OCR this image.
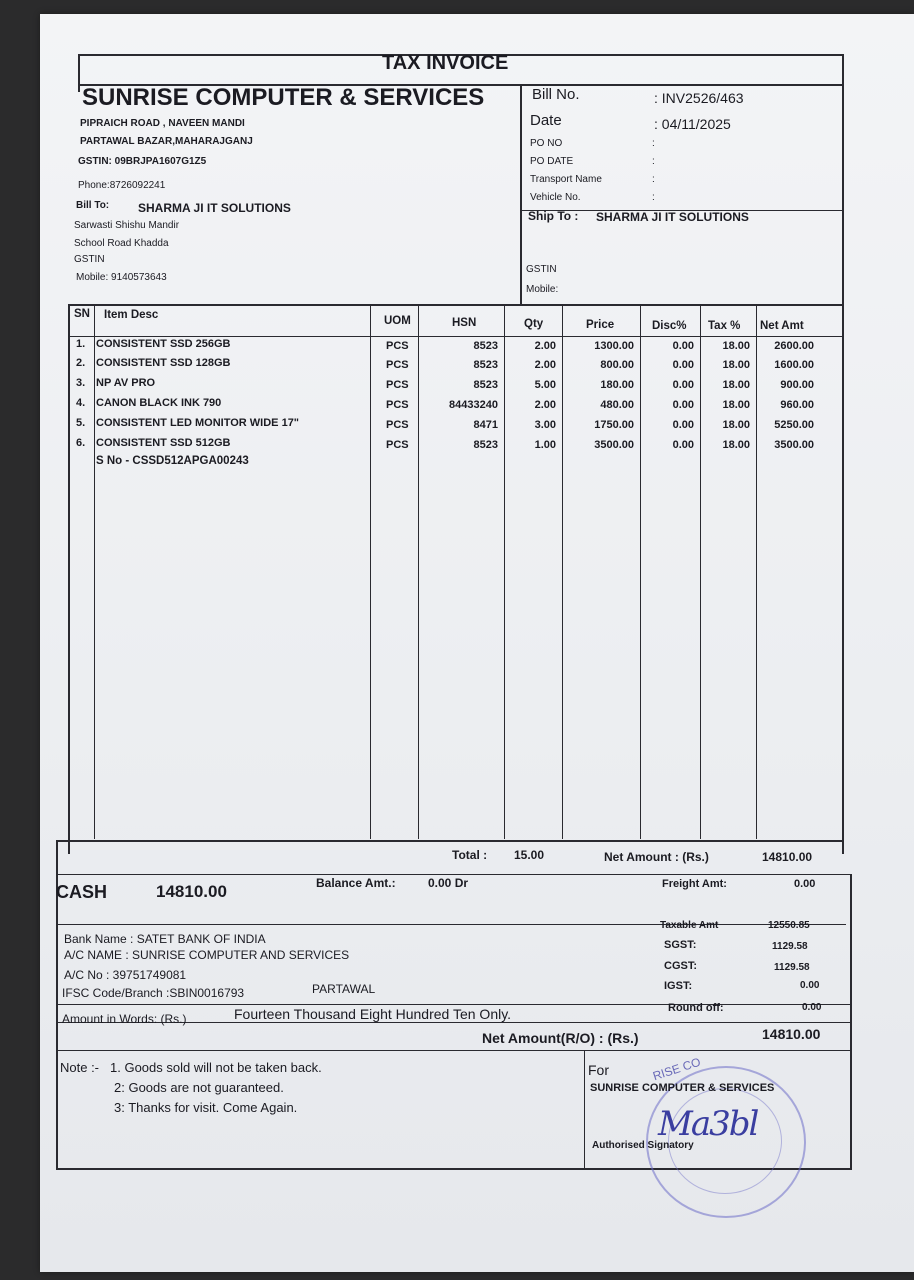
TAX INVOICE
SUNRISE COMPUTER & SERVICES
PIPRAICH ROAD , NAVEEN MANDI
PARTAWAL BAZAR,MAHARAJGANJ
GSTIN: 09BRJPA1607G1Z5
Phone:8726092241
Bill To: SHARMA JI IT SOLUTIONS
Sarwasti Shishu Mandir
School Road Khadda
GSTIN
Mobile: 9140573643
Bill No.	: INV2526/463
Date	: 04/11/2025
PO NO	:
PO DATE	:
Transport Name	:
Vehicle No.	:
Ship To : SHARMA JI IT SOLUTIONS
GSTIN
Mobile:
SN Item Desc	UOM	HSN	Qty	Price	Disc% Tax % Net Amt
1. CONSISTENT SSD 256GB	PCS	8523	2.00	1300.00	0.00	18.00	2600.00
2. CONSISTENT SSD 128GB	PCS	8523	2.00	800.00	0.00	18.00	1600.00
3. NP AV PRO	PCS	8523	5.00	180.00	0.00	18.00	900.00
4. CANON BLACK INK 790	PCS	84433240	2.00	480.00	0.00	18.00	960.00
5. CONSISTENT LED MONITOR WIDE 17"	PCS	8471	3.00	1750.00	0.00	18.00	5250.00
6. CONSISTENT SSD 512GB	PCS	8523	1.00	3500.00	0.00	18.00	3500.00
S No - CSSD512APGA00243
Total : 15.00	Net Amount : (Rs.)	14810.00
CASH	14810.00	Balance Amt.:	0.00 Dr	Freight Amt:	0.00
Taxable Amt	12550.85
SGST:	1129.58
CGST:	1129.58
IGST:	0.00
Round off:	0.00
Bank Name : SATET BANK OF INDIA
A/C NAME : SUNRISE COMPUTER AND SERVICES
A/C No : 39751749081
IFSC Code/Branch :SBIN0016793	PARTAWAL
Amount in Words: (Rs.)	Fourteen Thousand Eight Hundred Ten Only.
Net Amount(R/O) : (Rs.)	14810.00
Note :- 1. Goods sold will not be taken back.
2: Goods are not guaranteed.
3: Thanks for visit. Come Again.
For	RISE CO
SUNRISE COMPUTER & SERVICES
Ma3bl
Authorised Signatory
